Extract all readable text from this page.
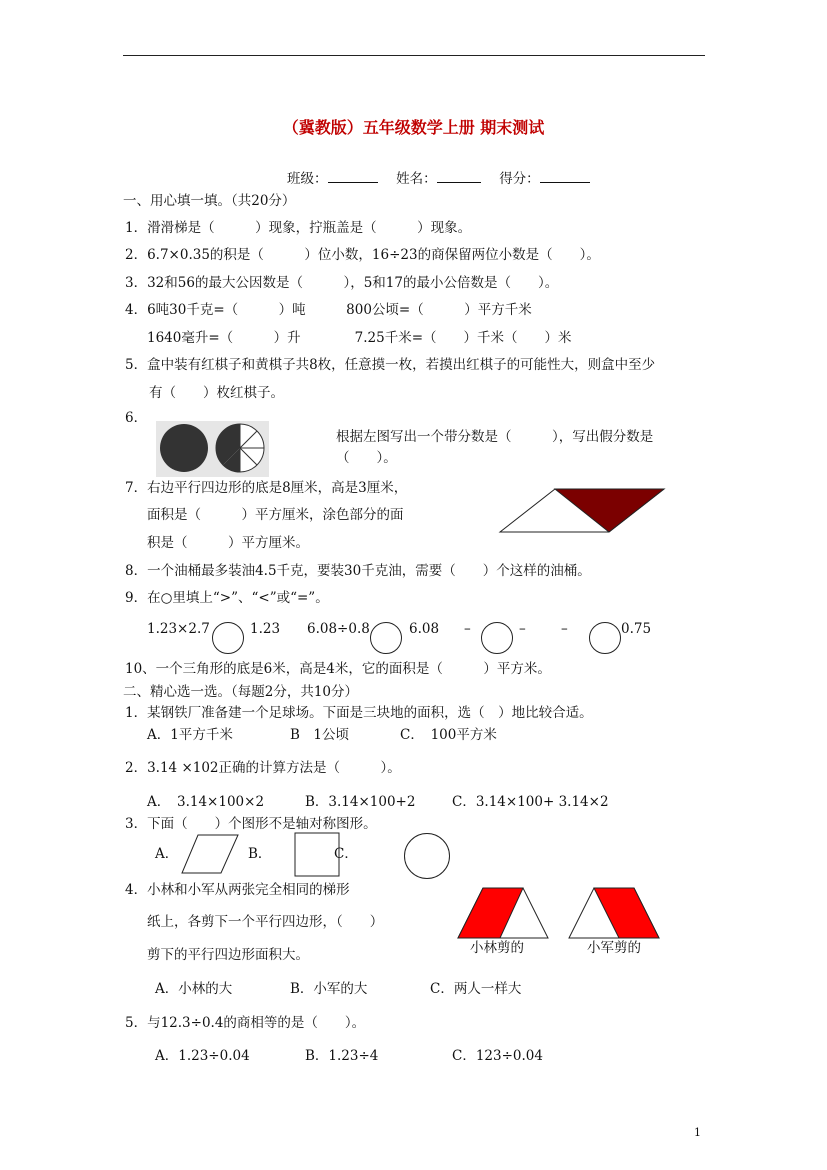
（冀教版）五年级数学上册 期末测试
班级：	姓名：	得分：
一、用心填一填。（共20分）
1．滑滑梯是（　　　）现象，拧瓶盖是（　　　）现象。
2．6.7×0.35的积是（　　　）位小数，16÷23的商保留两位小数是（　　）。
3．32和56的最大公因数是（　　　），5和17的最小公倍数是（　　）。
4．6吨30千克=（　　　）吨　　　800公顷=（　　　）平方千米
1640毫升=（　　　）升　　　　7.25千米=（　　）千米（　　）米
5．盒中装有红棋子和黄棋子共8枚，任意摸一枚，若摸出红棋子的可能性大，则盒中至少
有（　　）枚红棋子。
6．
根据左图写出一个带分数是（　　　），写出假分数是
（　　）。
7．右边平行四边形的底是8厘米，高是3厘米，
面积是（　　　）平方厘米，涂色部分的面
积是（　　　）平方厘米。
8．一个油桶最多装油4.5千克，要装30千克油，需要（　　）个这样的油桶。
9．在○里填上“>”、“<”或“=”。
1.23×2.7	1.23 6.08÷0.8	6.08 –	–	–	0.75
10、一个三角形的底是6米，高是4米，它的面积是（　　　）平方米。
二、精心选一选。（每题2分，共10分）
1．某钢铁厂准备建一个足球场。下面是三块地的面积，选（　）地比较合适。
A．1平方千米	B　1公顷	C．　100平方米
2．3.14 ×102正确的计算方法是（　　　）。
A．　3.14×100×2	B．3.14×100+2	C．3.14×100+ 3.14×2
3．下面（　　）个图形不是轴对称图形。
A．	B．	C．
4．小林和小军从两张完全相同的梯形
纸上，各剪下一个平行四边形，（　　）
剪下的平行四边形面积大。	小林剪的	小军剪的
A．小林的大	B．小军的大	C．两人一样大
5．与12.3÷0.4的商相等的是（　　）。
A．1.23÷0.04	B．1.23÷4	C．123÷0.04
1
